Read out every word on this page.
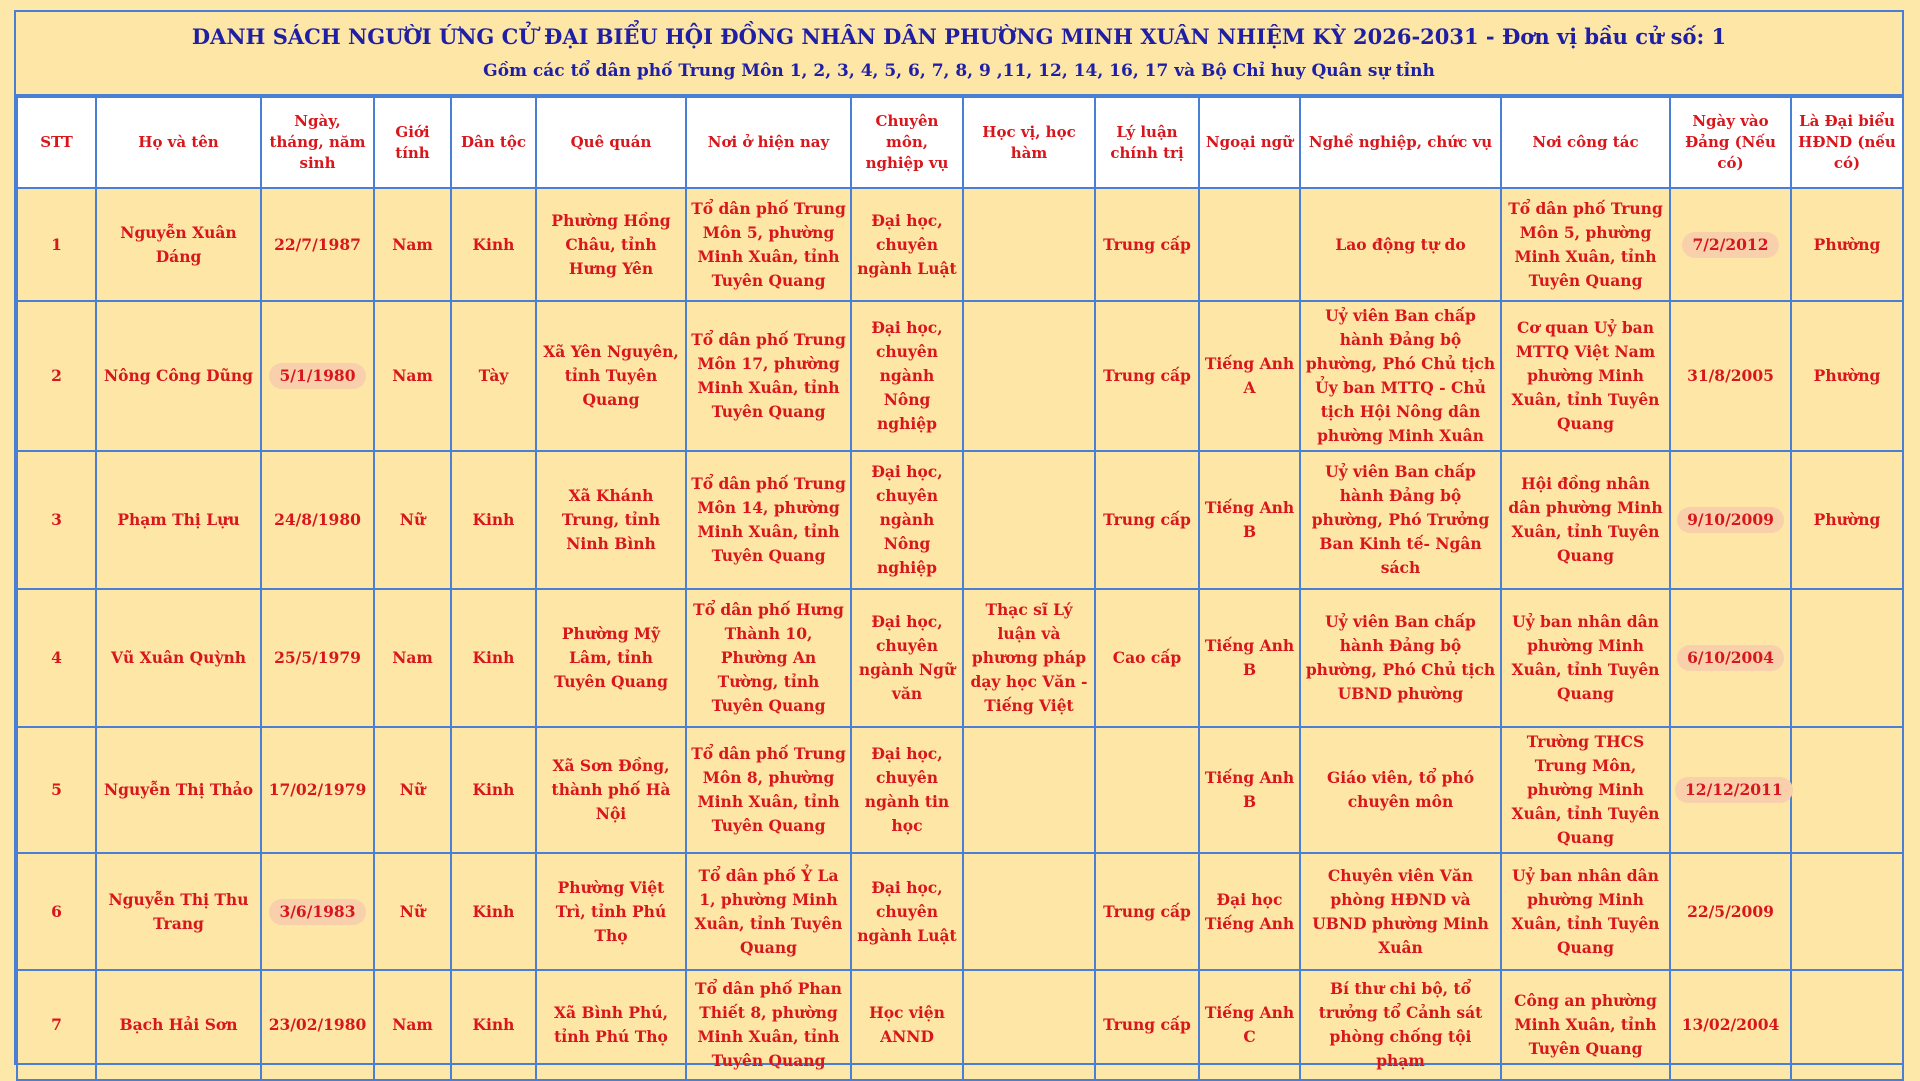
DANH SÁCH NGƯỜI ỨNG CỬ ĐẠI BIỂU HỘI ĐỒNG NHÂN DÂN PHƯỜNG MINH XUÂN NHIỆM KỲ 2026-2031 - Đơn vị bầu cử số: 1
Gồm các tổ dân phố Trung Môn 1, 2, 3, 4, 5, 6, 7, 8, 9 ,11, 12, 14, 16, 17 và Bộ Chỉ huy Quân sự tỉnh
STT	Họ và tên	Ngày, tháng, năm sinh	Giới tính	Dân tộc	Quê quán	Nơi ở hiện nay	Chuyên môn, nghiệp vụ	Học vị, học hàm	Lý luận chính trị	Ngoại ngữ	Nghề nghiệp, chức vụ	Nơi công tác	Ngày vào Đảng (Nếu có)	Là Đại biểu HĐND (nếu có)
1	Nguyễn Xuân Dáng	22/7/1987	Nam	Kinh	Phường Hồng Châu, tỉnh Hưng Yên	Tổ dân phố Trung Môn 5, phường Minh Xuân, tỉnh Tuyên Quang	Đại học, chuyên ngành Luật		Trung cấp		Lao động tự do	Tổ dân phố Trung Môn 5, phường Minh Xuân, tỉnh Tuyên Quang	7/2/2012	Phường
2	Nông Công Dũng	5/1/1980	Nam	Tày	Xã Yên Nguyên, tỉnh Tuyên Quang	Tổ dân phố Trung Môn 17, phường Minh Xuân, tỉnh Tuyên Quang	Đại học, chuyên ngành Nông nghiệp		Trung cấp	Tiếng Anh A	Uỷ viên Ban chấp hành Đảng bộ phường, Phó Chủ tịch Ủy ban MTTQ - Chủ tịch Hội Nông dân phường Minh Xuân	Cơ quan Uỷ ban MTTQ Việt Nam phường Minh Xuân, tỉnh Tuyên Quang	31/8/2005	Phường
3	Phạm Thị Lựu	24/8/1980	Nữ	Kinh	Xã Khánh Trung, tỉnh Ninh Bình	Tổ dân phố Trung Môn 14, phường Minh Xuân, tỉnh Tuyên Quang	Đại học, chuyên ngành Nông nghiệp		Trung cấp	Tiếng Anh B	Uỷ viên Ban chấp hành Đảng bộ phường, Phó Trưởng Ban Kinh tế- Ngân sách	Hội đồng nhân dân phường Minh Xuân, tỉnh Tuyên Quang	9/10/2009	Phường
4	Vũ Xuân Quỳnh	25/5/1979	Nam	Kinh	Phường Mỹ Lâm, tỉnh Tuyên Quang	Tổ dân phố Hưng Thành 10, Phường An Tường, tỉnh Tuyên Quang	Đại học, chuyên ngành Ngữ văn	Thạc sĩ Lý luận và phương pháp dạy học Văn -Tiếng Việt	Cao cấp	Tiếng Anh B	Uỷ viên Ban chấp hành Đảng bộ phường, Phó Chủ tịch UBND phường	Uỷ ban nhân dân phường Minh Xuân, tỉnh Tuyên Quang	6/10/2004	
5	Nguyễn Thị Thảo	17/02/1979	Nữ	Kinh	Xã Sơn Đồng, thành phố Hà Nội	Tổ dân phố Trung Môn 8, phường Minh Xuân, tỉnh Tuyên Quang	Đại học, chuyên ngành tin học			Tiếng Anh B	Giáo viên, tổ phó chuyên môn	Trường THCS Trung Môn, phường Minh Xuân, tỉnh Tuyên Quang	12/12/2011	
6	Nguyễn Thị Thu Trang	3/6/1983	Nữ	Kinh	Phường Việt Trì, tỉnh Phú Thọ	Tổ dân phố Ỷ La 1, phường Minh Xuân, tỉnh Tuyên Quang	Đại học, chuyên ngành Luật		Trung cấp	Đại học Tiếng Anh	Chuyên viên Văn phòng HĐND và UBND phường Minh Xuân	Uỷ ban nhân dân phường Minh Xuân, tỉnh Tuyên Quang	22/5/2009	
7	Bạch Hải Sơn	23/02/1980	Nam	Kinh	Xã Bình Phú, tỉnh Phú Thọ	Tổ dân phố Phan Thiết 8, phường Minh Xuân, tỉnh Tuyên Quang	Học viện ANND		Trung cấp	Tiếng Anh C	Bí thư chi bộ, tổ trưởng tổ Cảnh sát phòng chống tội phạm	Công an phường Minh Xuân, tỉnh Tuyên Quang	13/02/2004	
